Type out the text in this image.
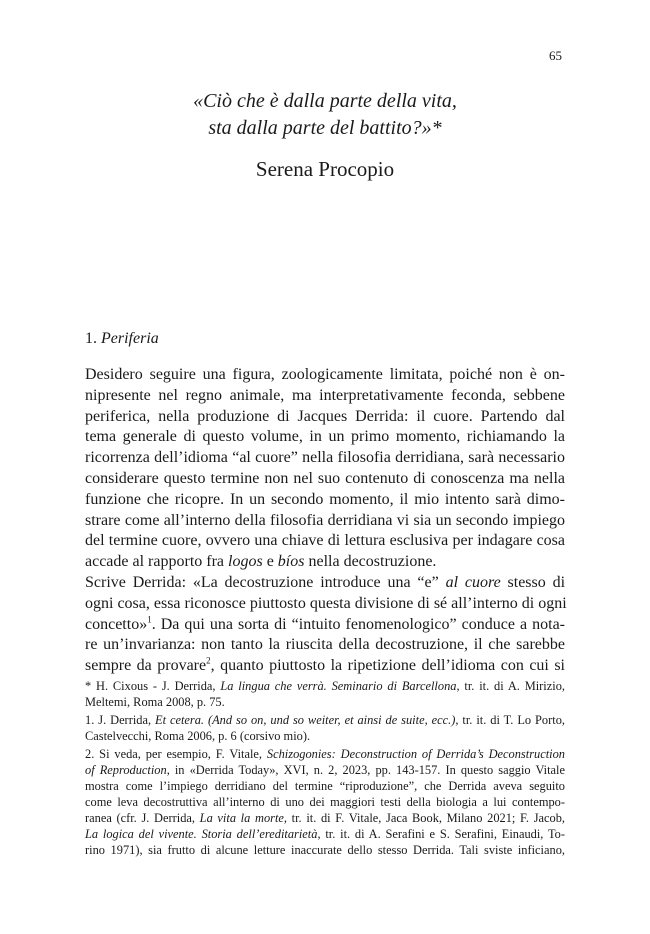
65
«Ciò che è dalla parte della vita,
sta dalla parte del battito?»*
Serena Procopio
1. Periferia

Desidero seguire una figura, zoologicamente limitata, poiché non è on-
nipresente nel regno animale, ma interpretativamente feconda, sebbene
periferica, nella produzione di Jacques Derrida: il cuore. Partendo dal
tema generale di questo volume, in un primo momento, richiamando la
ricorrenza dell’idioma “al cuore” nella filosofia derridiana, sarà necessario
considerare questo termine non nel suo contenuto di conoscenza ma nella
funzione che ricopre. In un secondo momento, il mio intento sarà dimo-
strare come all’interno della filosofia derridiana vi sia un secondo impiego
del termine cuore, ovvero una chiave di lettura esclusiva per indagare cosa
accade al rapporto fra logos e bíos nella decostruzione.

Scrive Derrida: «La decostruzione introduce una “e” al cuore stesso di
ogni cosa, essa riconosce piuttosto questa divisione di sé all’interno di ogni
concetto»$^1$. Da qui una sorta di “intuito fenomenologico” conduce a nota-
re un’invarianza: non tanto la riuscita della decostruzione, il che sarebbe
sempre da provare$^2$, quanto piuttosto la ripetizione dell’idioma con cui si

* H. Cixous - J. Derrida, La lingua che verrà. Seminario di Barcellona, tr. it. di A. Mirizio,
Meltemi, Roma 2008, p. 75.
1. J. Derrida, Et cetera. (And so on, und so weiter, et ainsi de suite, ecc.), tr. it. di T. Lo Porto,
Castelvecchi, Roma 2006, p. 6 (corsivo mio).
2. Si veda, per esempio, F. Vitale, Schizogonies: Deconstruction of Derrida’s Deconstruction
of Reproduction, in «Derrida Today», XVI, n. 2, 2023, pp. 143-157. In questo saggio Vitale
mostra come l’impiego derridiano del termine “riproduzione”, che Derrida aveva seguito
come leva decostruttiva all’interno di uno dei maggiori testi della biologia a lui contempo-
ranea (cfr. J. Derrida, La vita la morte, tr. it. di F. Vitale, Jaca Book, Milano 2021; F. Jacob,
La logica del vivente. Storia dell’ereditarietà, tr. it. di A. Serafini e S. Serafini, Einaudi, To-
rino 1971), sia frutto di alcune letture inaccurate dello stesso Derrida. Tali sviste inficiano,
